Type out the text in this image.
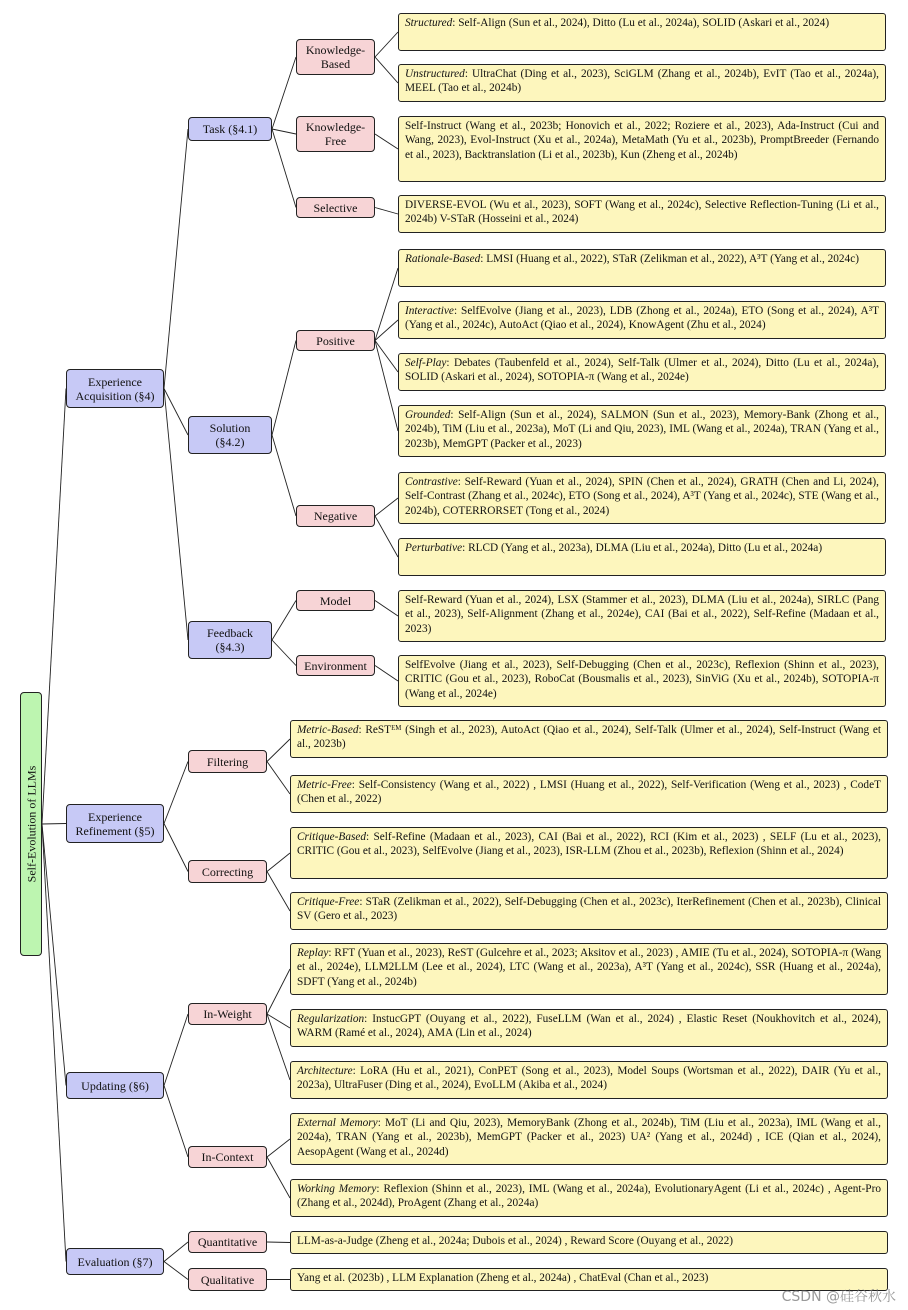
Self-Evolution of LLMs
Experience Acquisition (§4)
Experience Refinement (§5)
Updating (§6)
Evaluation (§7)
Task (§4.1)
Solution (§4.2)
Feedback (§4.3)
Knowledge-Based
Knowledge-Free
Selective
Positive
Negative
Model
Environment
Filtering
Correcting
In-Weight
In-Context
Quantitative
Qualitative
Structured: Self-Align (Sun et al., 2024), Ditto (Lu et al., 2024a), SOLID (Askari et al., 2024)
Unstructured: UltraChat (Ding et al., 2023), SciGLM (Zhang et al., 2024b), EvIT (Tao et al., 2024a), MEEL (Tao et al., 2024b)
Self-Instruct (Wang et al., 2023b; Honovich et al., 2022; Roziere et al., 2023), Ada-Instruct (Cui and Wang, 2023), Evol-Instruct (Xu et al., 2024a), MetaMath (Yu et al., 2023b), PromptBreeder (Fernando et al., 2023), Backtranslation (Li et al., 2023b), Kun (Zheng et al., 2024b)
DIVERSE-EVOL (Wu et al., 2023), SOFT (Wang et al., 2024c), Selective Reflection-Tuning (Li et al., 2024b) V-STaR (Hosseini et al., 2024)
Rationale-Based: LMSI (Huang et al., 2022), STaR (Zelikman et al., 2022), A³T (Yang et al., 2024c)
Interactive: SelfEvolve (Jiang et al., 2023), LDB (Zhong et al., 2024a), ETO (Song et al., 2024), A³T (Yang et al., 2024c), AutoAct (Qiao et al., 2024), KnowAgent (Zhu et al., 2024)
Self-Play: Debates (Taubenfeld et al., 2024), Self-Talk (Ulmer et al., 2024), Ditto (Lu et al., 2024a), SOLID (Askari et al., 2024), SOTOPIA-π (Wang et al., 2024e)
Grounded: Self-Align (Sun et al., 2024), SALMON (Sun et al., 2023), Memory-Bank (Zhong et al., 2024b), TiM (Liu et al., 2023a), MoT (Li and Qiu, 2023), IML (Wang et al., 2024a), TRAN (Yang et al., 2023b), MemGPT (Packer et al., 2023)
Contrastive: Self-Reward (Yuan et al., 2024), SPIN (Chen et al., 2024), GRATH (Chen and Li, 2024), Self-Contrast (Zhang et al., 2024c), ETO (Song et al., 2024), A³T (Yang et al., 2024c), STE (Wang et al., 2024b), COTERRORSET (Tong et al., 2024)
Perturbative: RLCD (Yang et al., 2023a), DLMA (Liu et al., 2024a), Ditto (Lu et al., 2024a)
Self-Reward (Yuan et al., 2024), LSX (Stammer et al., 2023), DLMA (Liu et al., 2024a), SIRLC (Pang et al., 2023), Self-Alignment (Zhang et al., 2024e), CAI (Bai et al., 2022), Self-Refine (Madaan et al., 2023)
SelfEvolve (Jiang et al., 2023), Self-Debugging (Chen et al., 2023c), Reflexion (Shinn et al., 2023), CRITIC (Gou et al., 2023), RoboCat (Bousmalis et al., 2023), SinViG (Xu et al., 2024b), SOTOPIA-π (Wang et al., 2024e)
Metric-Based: ReSTᴱᴹ (Singh et al., 2023), AutoAct (Qiao et al., 2024), Self-Talk (Ulmer et al., 2024), Self-Instruct (Wang et al., 2023b)
Metric-Free: Self-Consistency (Wang et al., 2022) , LMSI (Huang et al., 2022), Self-Verification (Weng et al., 2023) , CodeT (Chen et al., 2022)
Critique-Based: Self-Refine (Madaan et al., 2023), CAI (Bai et al., 2022), RCI (Kim et al., 2023) , SELF (Lu et al., 2023), CRITIC (Gou et al., 2023), SelfEvolve (Jiang et al., 2023), ISR-LLM (Zhou et al., 2023b), Reflexion (Shinn et al., 2024)
Critique-Free: STaR (Zelikman et al., 2022), Self-Debugging (Chen et al., 2023c), IterRefinement (Chen et al., 2023b), Clinical SV (Gero et al., 2023)
Replay: RFT (Yuan et al., 2023), ReST (Gulcehre et al., 2023; Aksitov et al., 2023) , AMIE (Tu et al., 2024), SOTOPIA-π (Wang et al., 2024e), LLM2LLM (Lee et al., 2024), LTC (Wang et al., 2023a), A³T (Yang et al., 2024c), SSR (Huang et al., 2024a), SDFT (Yang et al., 2024b)
Regularization: InstucGPT (Ouyang et al., 2022), FuseLLM (Wan et al., 2024) , Elastic Reset (Noukhovitch et al., 2024), WARM (Ramé et al., 2024), AMA (Lin et al., 2024)
Architecture: LoRA (Hu et al., 2021), ConPET (Song et al., 2023), Model Soups (Wortsman et al., 2022), DAIR (Yu et al., 2023a), UltraFuser (Ding et al., 2024), EvoLLM (Akiba et al., 2024)
External Memory: MoT (Li and Qiu, 2023), MemoryBank (Zhong et al., 2024b), TiM (Liu et al., 2023a), IML (Wang et al., 2024a), TRAN (Yang et al., 2023b), MemGPT (Packer et al., 2023) UA² (Yang et al., 2024d) , ICE (Qian et al., 2024), AesopAgent (Wang et al., 2024d)
Working Memory: Reflexion (Shinn et al., 2023), IML (Wang et al., 2024a), EvolutionaryAgent (Li et al., 2024c) , Agent-Pro (Zhang et al., 2024d), ProAgent (Zhang et al., 2024a)
LLM-as-a-Judge (Zheng et al., 2024a; Dubois et al., 2024) , Reward Score (Ouyang et al., 2022)
Yang et al. (2023b) , LLM Explanation (Zheng et al., 2024a) , ChatEval (Chan et al., 2023)
CSDN @硅谷秋水
